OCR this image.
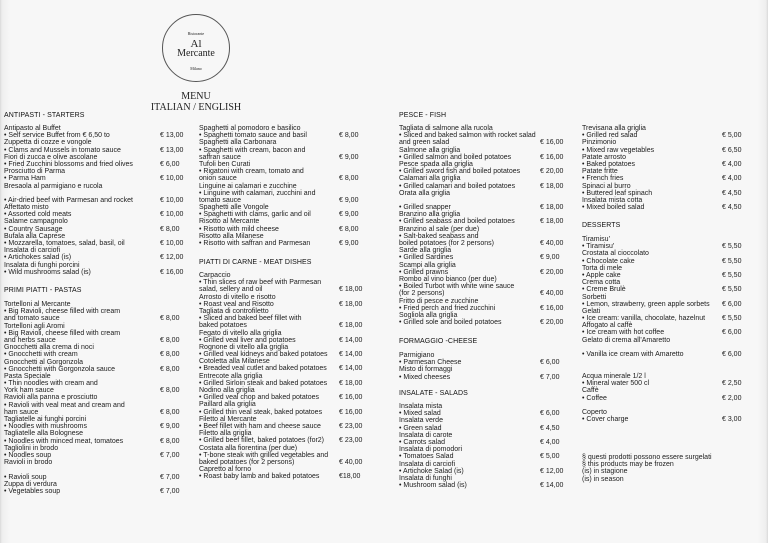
Ristorante
Al
Mercante
Milano
MENU
ITALIAN / ENGLISH
ANTIPASTI - STARTERS
Antipasto al Buffet
• Self service Buffet from € 6,50 to	€ 13,00
Zuppetta di cozze e vongole
• Clams and Mussels in tomato sauce	€ 13,00
Fiori di zucca e olive ascolane
• Fried Zucchini blossoms and fried olives	€ 6,00
Prosciutto di Parma
• Parma Ham	€ 10,00
Bresaola al parmigiano e rucola
• Air-dried beef with Parmesan and rocket	€ 10,00
Affettato misto
• Assorted cold meats	€ 10,00
Salame campagnolo
• Country Sausage	€ 8,00
Bufala alla Caprese
• Mozzarella, tomatoes, salad, basil, oil	€ 10,00
Insalata di carciofi
• Artichokes salad (is)	€ 12,00
Insalata di funghi porcini
• Wild mushrooms salad (is)	€ 16,00
PRIMI PIATTI - PASTAS
Tortelloni al Mercante
• Big Ravioli, cheese filled with cream
and tomato sauce	€ 8,00
Tortelloni agli Aromi
• Big Ravioli, cheese filled with cream
and herbs sauce	€ 8,00
Gnocchetti alla crema di noci
• Gnocchetti with cream	€ 8,00
Gnocchetti al Gorgonzola
• Gnocchetti with Gorgonzola sauce	€ 8,00
Pasta Speciale
• Thin noodles with cream and
York ham sauce	€ 8,00
Ravioli alla panna e prosciutto
• Ravioli with veal meat and cream and
ham sauce	€ 8,00
Tagliatelle ai funghi porcini
• Noodles with mushrooms	€ 9,00
Tagliatelle alla Bolognese
• Noodles with minced meat, tomatoes	€ 8,00
Tagliolini in brodo
• Noodles soup	€ 7,00
Ravioli in brodo
• Ravioli soup	€ 7,00
Zuppa di verdura
• Vegetables soup	€ 7,00
Spaghetti al pomodoro e basilico
• Spaghetti tomato sauce and basil	€ 8,00
Spaghetti alla Carbonara
• Spaghetti with cream, bacon and
saffran sauce	€ 9,00
Tufoli ben Curati
• Rigatoni with cream, tomato and
onion sauce	€ 8,00
Linguine ai calamari e zucchine
• Linguine with calamari, zucchini and
tomato sauce	€ 9,00
Spaghetti alle Vongole
• Spaghetti with clams, garlic and oil	€ 9,00
Risotto al Mercante
• Risotto with mild cheese	€ 8,00
Risotto alla Milanese
• Risotto with saffran and Parmesan	€ 9,00
PIATTI DI CARNE - MEAT DISHES
Carpaccio
• Thin slices of raw beef with Parmesan
salad, sellery and oil	€ 18,00
Arrosto di vitello e risotto
• Roast veal and Risotto	€ 18,00
Tagliata di controfiletto
• Sliced and baked beef fillet with
baked potatoes	€ 18,00
Fegato di vitello alla griglia
• Grilled veal liver and potatoes	€ 14,00
Rognone di vitello alla griglia
• Grilled veal kidneys and baked potatoes € 14,00
Cotoletta alla Milanese
• Breaded veal cutlet and baked potatoes € 14,00
Entrecote alla griglia
• Grilled Sirloin steak and baked potatoes € 18,00
Nodino alla griglia
• Grilled veal chop and baked potatoes	€ 16,00
Paillard alla griglia
• Grilled thin veal steak, baked potatoes € 16,00
Filetto al Mercante
• Beef fillet with ham and cheese sauce	€ 23,00
Filetto alla griglia
• Grilled beef fillet, baked potatoes (for2) € 23,00
Costata alla fiorentina (per due)
• T-bone steak with grilled vegetables and
baked potatoes (for 2 persons)	€ 40,00
Capretto al forno
• Roast baby lamb and baked potatoes	€18,00
PESCE - FISH
Tagliata di salmone alla rucola
• Sliced and baked salmon with rocket salad
and green salad	€ 16,00
Salmone alla griglia
• Grilled salmon and boiled potatoes	€ 16,00
Pesce spada alla griglia
• Grilled sword fish and boiled potatoes	€ 20,00
Calamari alla griglia
• Grilled calamari and boiled potatoes	€ 18,00
Orata alla griglia
• Grilled snapper	€ 18,00
Branzino alla griglia
• Grilled seabass and boiled potatoes	€ 18,00
Branzino al sale (per due)
• Salt-baked seabass and
boiled potatoes (for 2 persons)	€ 40,00
Sarde alla griglia
• Grilled Sardines	€ 9,00
Scampi alla griglia
• Grilled prawns	€ 20,00
Rombo al vino bianco (per due)
• Boiled Turbot with white wine sauce
(for 2 persons)	€ 40,00
Fritto di pesce e zucchine
• Fried perch and fried zucchini	€ 16,00
Sogliola alla griglia
• Grilled sole and boiled potatoes	€ 20,00
FORMAGGIO -CHEESE
Parmigiano
• Parmesan Cheese	€ 6,00
Misto di formaggi
• Mixed cheeses	€ 7,00
INSALATE - SALADS
Insalata mista
• Mixed salad	€ 6,00
Insalata verde
• Green salad	€ 4,50
Insalata di carote
• Carrots salad	€ 4,00
Insalata di pomodori
• Tomatoes Salad	€ 5,00
Insalata di carciofi
• Artichoke Salad (is)	€ 12,00
Insalata di funghi
• Mushroom salad (is)	€ 14,00
Trevisana alla griglia
• Grilled red salad	€ 5,00
Pinzimonio
• Mixed raw vegetables	€ 6,50
Patate arrosto
• Baked potatoes	€ 4,00
Patate fritte
• French fries	€ 4,00
Spinaci al burro
• Buttered leaf spinach	€ 4,50
Insalata mista cotta
• Mixed boiled salad	€ 4,50
DESSERTS
Tiramisu'
• Tiramisu'	€ 5,50
Crostata al cioccolato
• Chocolate cake	€ 5,50
Torta di mele
• Apple cake	€ 5,50
Crema cotta
• Creme Brulè	€ 5,50
Sorbetti
• Lemon, strawberry, green apple sorbets € 6,00
Gelati
• Ice cream: vanilla, chocolate, hazelnut € 5,50
Affogato al caffè
• Ice cream with hot coffee	€ 6,00
Gelato di crema all'Amaretto
• Vanilla ice cream with Amaretto	€ 6,00
Acqua minerale 1/2 l
• Mineral water 500 cl	€ 2,50
Caffè
• Coffee	€ 2,00
Coperto
• Cover charge	€ 3,00
§ questi prodotti possono essere surgelati
§ this products may be frozen
(is) in stagione
(is) in season
